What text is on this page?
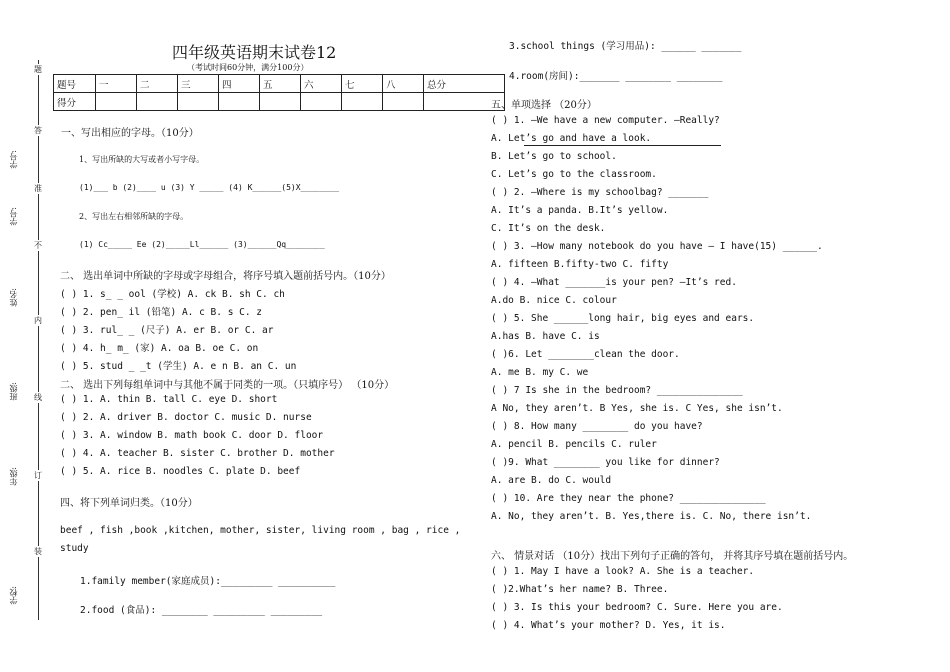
题
答
准
不
内
线
订
装
学号:
学号:
姓名:
班级:
年级:
学校:
四年级英语期末试卷12
（考试时间60分钟，满分100分）
题号	一	二	三	四	五	六	七	八	总分
得分									
一、写出相应的字母。（10分）
1、写出所缺的大写或者小写字母。
(1)___ b (2)____ u (3) Y _____ (4) K______(5)X________
2、写出左右相邻所缺的字母。
(1) Cc_____ Ee (2)_____Ll______ (3)______Qq________
二、 选出单词中所缺的字母或字母组合，将序号填入题前括号内。（10分）
( ) 1. s_ _ ool (学校) A. ck B. sh C. ch
( ) 2. pen_ il (铅笔) A. c B. s C. z
( ) 3. rul_ _ (尺子) A. er B. or C. ar
( ) 4. h_ m_ (家) A. oa B. oe C. on
( ) 5. stud _ _t (学生) A. e n B. an C. un
二、 选出下列每组单词中与其他不属于同类的一项。（只填序号） （10分）
( ) 1. A. thin B. tall C. eye D. short
( ) 2. A. driver B. doctor C. music D. nurse
( ) 3. A. window B. math book C. door D. floor
( ) 4. A. teacher B. sister C. brother D. mother
( ) 5. A. rice B. noodles C. plate D. beef
四、将下列单词归类。（10分）
beef , fish ,book ,kitchen, mother, sister, living room , bag , rice ,
study
1.family member(家庭成员):_________ __________
2.food (食品): ________ _________ _________
3.school things (学习用品): ______ _______
4.room(房间):_______ ________ ________
五、单项选择 （20分）
( ) 1. —We have a new computer. —Really?
A. Let’s go and have a look.
B. Let’s go to school.
C. Let’s go to the classroom.
( ) 2. —Where is my schoolbag? _______
A. It’s a panda. B.It’s yellow.
C. It’s on the desk.
( ) 3. —How many notebook do you have — I have(15) ______.
A. fifteen B.fifty-two C. fifty
( ) 4. —What _______is your pen? —It’s red.
A.do B. nice C. colour
( ) 5. She ______long hair, big eyes and ears.
A.has B. have C. is
( )6. Let ________clean the door.
A. me B. my C. we
( ) 7 Is she in the bedroom? _______________
A No, they aren’t. B Yes, she is. C Yes, she isn’t.
( ) 8. How many ________ do you have?
A. pencil B. pencils C. ruler
( )9. What ________ you like for dinner?
A. are B. do C. would
( ) 10. Are they near the phone? _______________
A. No, they aren’t. B. Yes,there is. C. No, there isn’t.
六、 情景对话 （10分）找出下列句子正确的答句， 并将其序号填在题前括号内。
( ) 1. May I have a look? A. She is a teacher.
( )2.What’s her name? B. Three.
( ) 3. Is this your bedroom? C. Sure. Here you are.
( ) 4. What’s your mother? D. Yes, it is.
